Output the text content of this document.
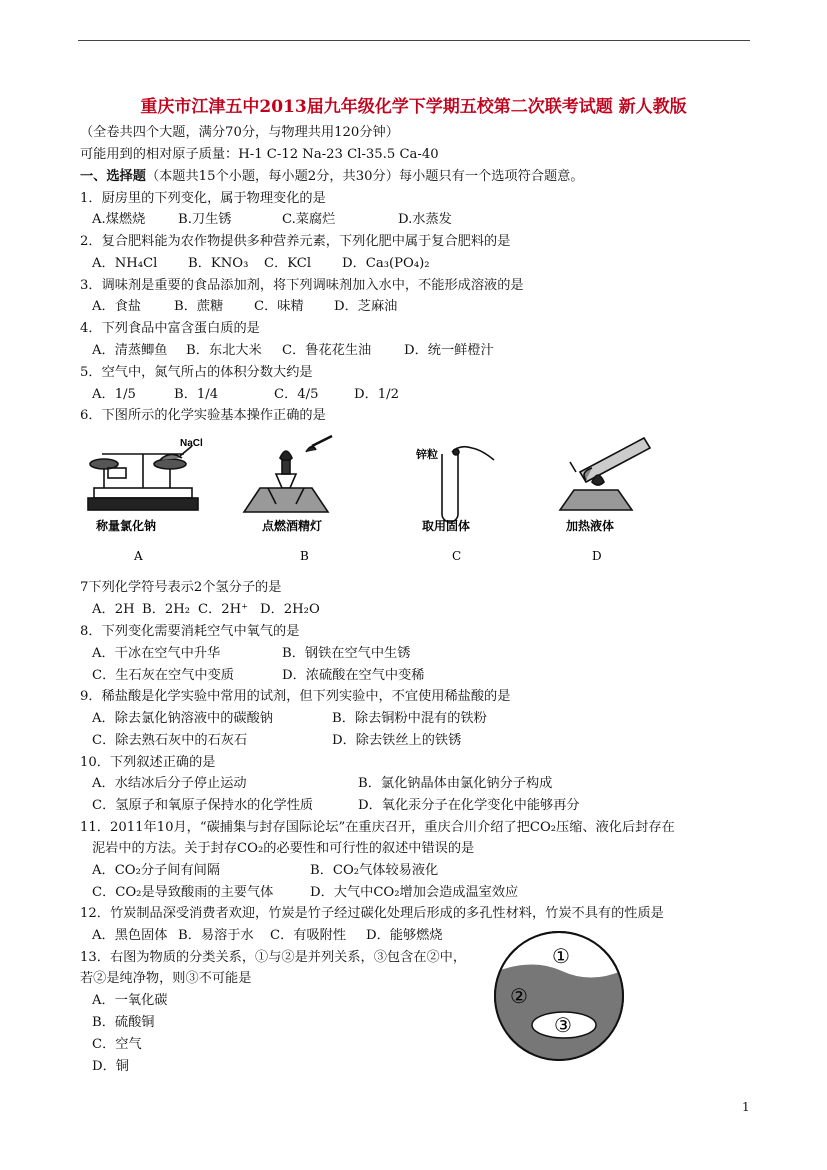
重庆市江津五中2013届九年级化学下学期五校第二次联考试题 新人教版
（全卷共四个大题，满分70分，与物理共用120分钟）
可能用到的相对原子质量：H-1 C-12 Na-23 Cl-35.5 Ca-40
一、选择题（本题共15个小题，每小题2分，共30分）每小题只有一个选项符合题意。
1．厨房里的下列变化，属于物理变化的是
A.煤燃烧 B.刀生锈	C.菜腐烂	D.水蒸发
2．复合肥料能为农作物提供多种营养元素，下列化肥中属于复合肥料的是
A．NH₄Cl B．KNO₃ C．KCl D．Ca₃(PO₄)₂
3．调味剂是重要的食品添加剂，将下列调味剂加入水中，不能形成溶液的是
A．食盐 B．蔗糖 C．味精 D．芝麻油
4．下列食品中富含蛋白质的是
A．清蒸鲫鱼 B．东北大米 C．鲁花花生油 D．统一鲜橙汁
5．空气中，氮气所占的体积分数大约是
A．1/5	B．1/4	C．4/5	D．1/2
6．下图所示的化学实验基本操作正确的是
NaCl
锌粒
称量氯化钠	点燃酒精灯	取用固体	加热液体
A	B	C	D
7下列化学符号表示2个氢分子的是
A．2H B．2H₂ C．2H⁺ D．2H₂O
8．下列变化需要消耗空气中氧气的是
A．干冰在空气中升华	B．钢铁在空气中生锈
C．生石灰在空气中变质	D．浓硫酸在空气中变稀
9．稀盐酸是化学实验中常用的试剂，但下列实验中，不宜使用稀盐酸的是
A．除去氯化钠溶液中的碳酸钠	B．除去铜粉中混有的铁粉
C．除去熟石灰中的石灰石	D．除去铁丝上的铁锈
10．下列叙述正确的是
A．水结冰后分子停止运动	B．氯化钠晶体由氯化钠分子构成
C．氢原子和氧原子保持水的化学性质	D．氧化汞分子在化学变化中能够再分
11．2011年10月，“碳捕集与封存国际论坛”在重庆召开，重庆合川介绍了把CO₂压缩、液化后封存在
泥岩中的方法。关于封存CO₂的必要性和可行性的叙述中错误的是
A．CO₂分子间有间隔	B．CO₂气体较易液化
C．CO₂是导致酸雨的主要气体	D．大气中CO₂增加会造成温室效应
12．竹炭制品深受消费者欢迎，竹炭是竹子经过碳化处理后形成的多孔性材料，竹炭不具有的性质是
A．黑色固体 B．易溶于水 C．有吸附性 D．能够燃烧
13．右图为物质的分类关系，①与②是并列关系，③包含在②中，
若②是纯净物，则③不可能是
A．一氧化碳
B．硫酸铜
C．空气
D．铜
①
②
③
1
